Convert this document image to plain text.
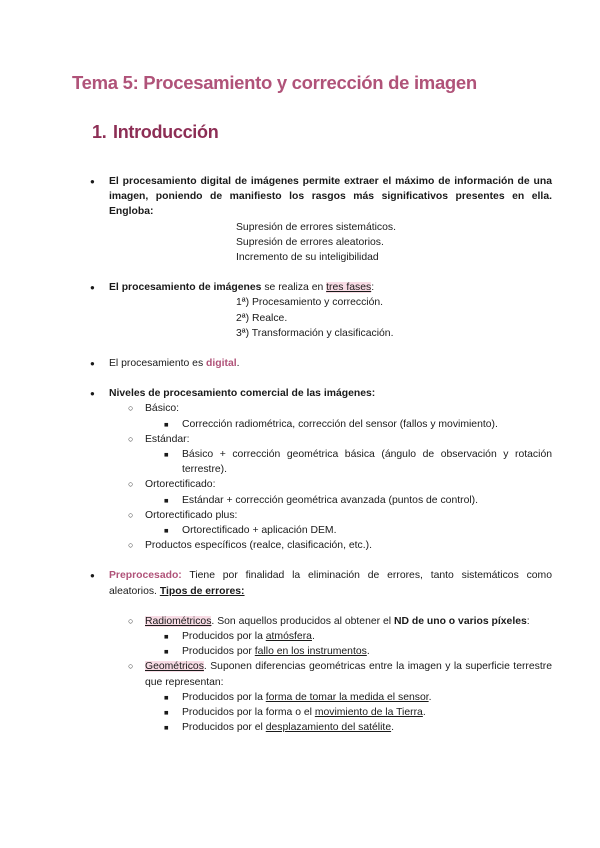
Tema 5: Procesamiento y corrección de imagen
1. Introducción
● El procesamiento digital de imágenes permite extraer el máximo de información de una imagen, poniendo de manifiesto los rasgos más significativos presentes en ella. Engloba:
Supresión de errores sistemáticos.
Supresión de errores aleatorios.
Incremento de su inteligibilidad
● El procesamiento de imágenes se realiza en tres fases:
1ª) Procesamiento y corrección.
2ª) Realce.
3ª) Transformación y clasificación.
● El procesamiento es digital.
● Niveles de procesamiento comercial de las imágenes:
○ Básico:
■ Corrección radiométrica, corrección del sensor (fallos y movimiento).
○ Estándar:
■ Básico + corrección geométrica básica (ángulo de observación y rotación terrestre).
○ Ortorectificado:
■ Estándar + corrección geométrica avanzada (puntos de control).
○ Ortorectificado plus:
■ Ortorectificado + aplicación DEM.
○ Productos específicos (realce, clasificación, etc.).
● Preprocesado: Tiene por finalidad la eliminación de errores, tanto sistemáticos como aleatorios. Tipos de errores:
○ Radiométricos. Son aquellos producidos al obtener el ND de uno o varios píxeles:
■ Producidos por la atmósfera.
■ Producidos por fallo en los instrumentos.
○ Geométricos. Suponen diferencias geométricas entre la imagen y la superficie terrestre que representan:
■ Producidos por la forma de tomar la medida el sensor.
■ Producidos por la forma o el movimiento de la Tierra.
■ Producidos por el desplazamiento del satélite.
